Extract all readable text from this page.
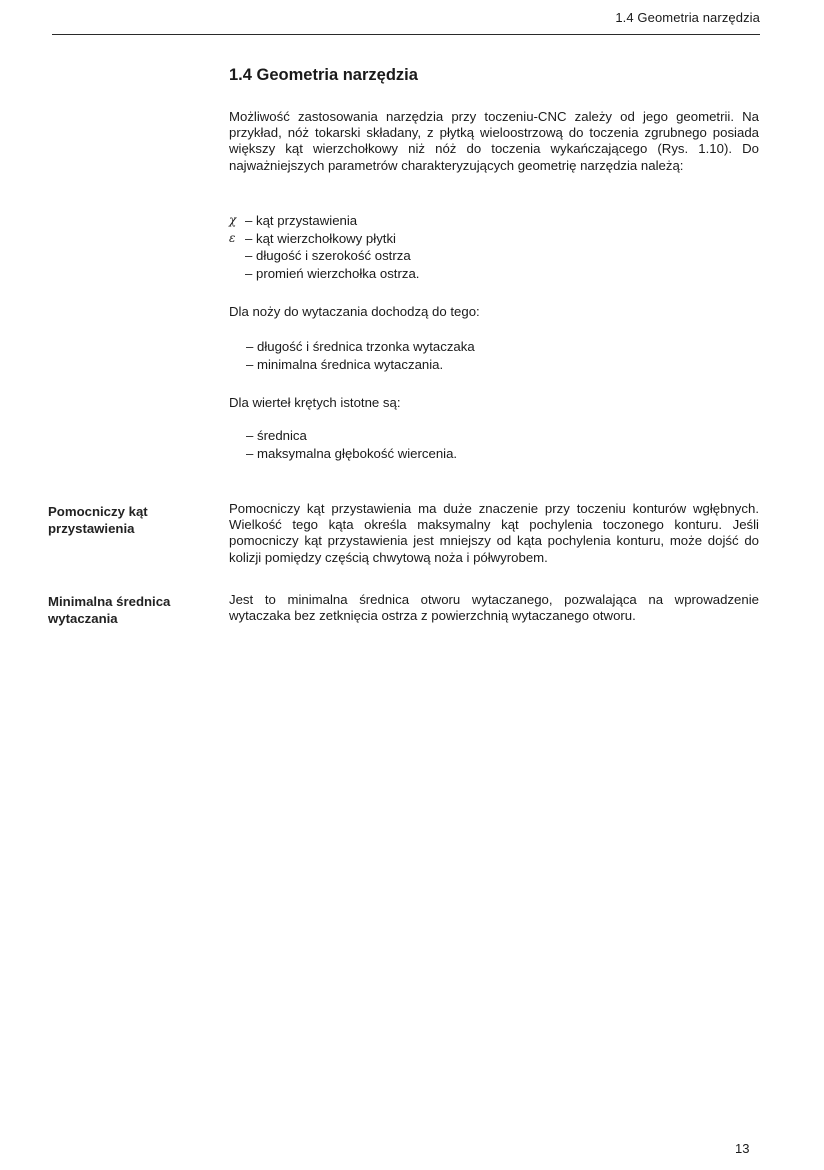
1.4 Geometria narzędzia
1.4 Geometria narzędzia

Możliwość zastosowania narzędzia przy toczeniu-CNC zależy od jego geometrii. Na przykład, nóż tokarski składany, z płytką wieloostrzową do toczenia zgrubnego posiada większy kąt wierzchołkowy niż nóż do toczenia wykańczającego (Rys. 1.10). Do najważniejszych parametrów charakteryzujących geometrię narzędzia należą:

χ – kąt przystawienia
ε – kąt wierzchołkowy płytki
– długość i szerokość ostrza
– promień wierzchołka ostrza.

Dla noży do wytaczania dochodzą do tego:

– długość i średnica trzonka wytaczaka
– minimalna średnica wytaczania.

Dla wierteł krętych istotne są:

– średnica
– maksymalna głębokość wiercenia.
Pomocniczy kąt przystawienia

Pomocniczy kąt przystawienia ma duże znaczenie przy toczeniu konturów wgłębnych. Wielkość tego kąta określa maksymalny kąt pochylenia toczonego konturu. Jeśli pomocniczy kąt przystawienia jest mniejszy od kąta pochylenia konturu, może dojść do kolizji pomiędzy częścią chwytową noża i półwyrobem.

Minimalna średnica wytaczania

Jest to minimalna średnica otworu wytaczanego, pozwalająca na wprowadzenie wytaczaka bez zetknięcia ostrza z powierzchnią wytaczanego otworu.

13
